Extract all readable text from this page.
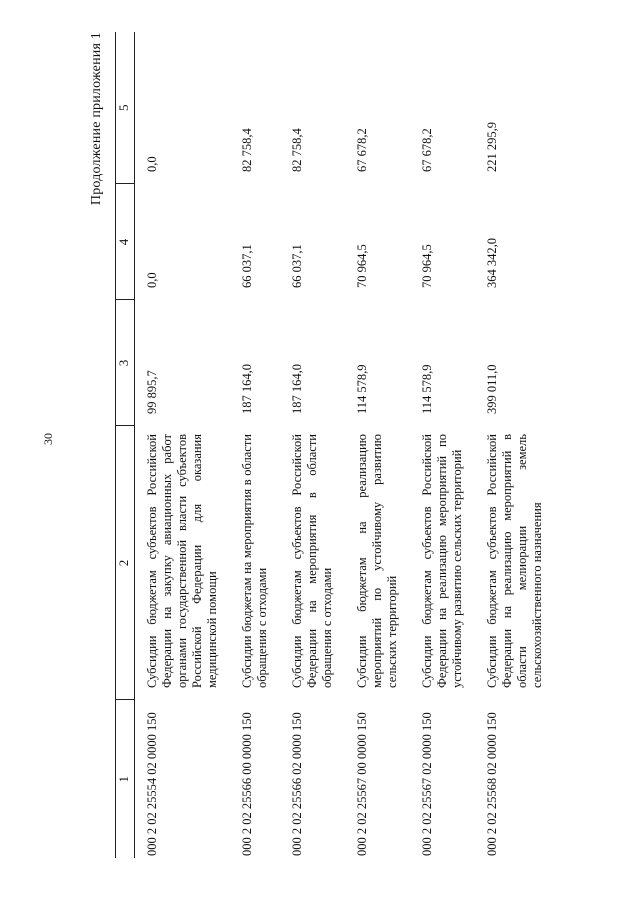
30
Продолжение приложения 1
1	2	3	4	5
000 2 02 25554 02 0000 150	Субсидии бюджетам субъектов Российской Федерации на закупку авиационных работ органами государственной власти субъектов Российской Федерации для оказания медицинской помощи	99 895,7	0,0	0,0
000 2 02 25566 00 0000 150	Субсидии бюджетам на мероприятия в области обращения с отходами	187 164,0	66 037,1	82 758,4
000 2 02 25566 02 0000 150	Субсидии бюджетам субъектов Российской Федерации на мероприятия в области обращения с отходами	187 164,0	66 037,1	82 758,4
000 2 02 25567 00 0000 150	Субсидии бюджетам на реализацию мероприятий по устойчивому развитию сельских территорий	114 578,9	70 964,5	67 678,2
000 2 02 25567 02 0000 150	Субсидии бюджетам субъектов Российской Федерации на реализацию мероприятий по устойчивому развитию сельских территорий	114 578,9	70 964,5	67 678,2
000 2 02 25568 02 0000 150	Субсидии бюджетам субъектов Российской Федерации на реализацию мероприятий в области мелиорации земель сельскохозяйственного назначения	399 011,0	364 342,0	221 295,9
